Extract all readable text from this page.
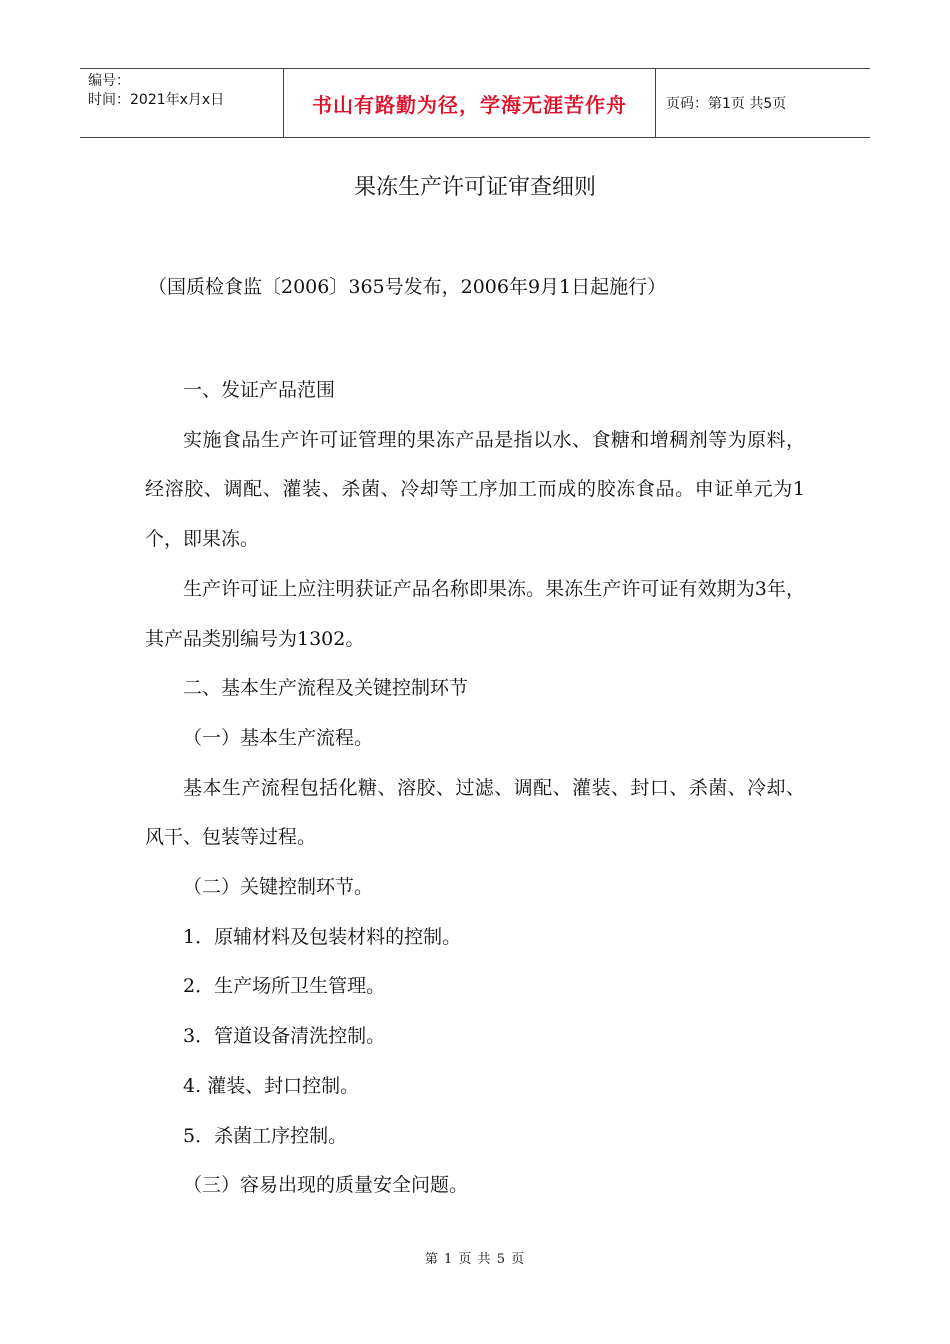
编号：
时间：2021年x月x日	书山有路勤为径，学海无涯苦作舟	页码：第1页 共5页
果冻生产许可证审查细则
（国质检食监〔2006〕365号发布，2006年9月1日起施行）

一、发证产品范围

实施食品生产许可证管理的果冻产品是指以水、食糖和增稠剂等为原料，经溶胶、调配、灌装、杀菌、冷却等工序加工而成的胶冻食品。申证单元为1个，即果冻。

生产许可证上应注明获证产品名称即果冻。果冻生产许可证有效期为3年，其产品类别编号为1302。

二、基本生产流程及关键控制环节

（一）基本生产流程。

基本生产流程包括化糖、溶胶、过滤、调配、灌装、封口、杀菌、冷却、风干、包装等过程。

（二）关键控制环节。

1．原辅材料及包装材料的控制。

2．生产场所卫生管理。

3．管道设备清洗控制。

4. 灌装、封口控制。

5．杀菌工序控制。

（三）容易出现的质量安全问题。

第 1 页 共 5 页
